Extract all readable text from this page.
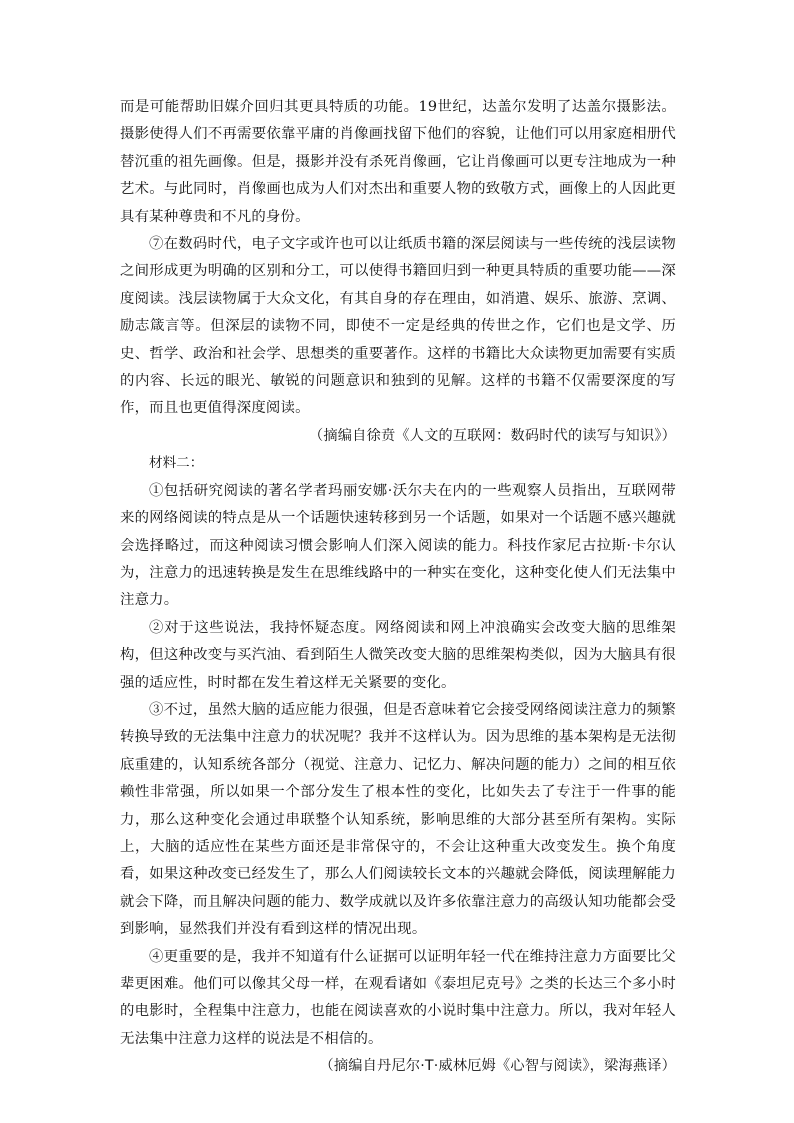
而是可能帮助旧媒介回归其更具特质的功能。19世纪，达盖尔发明了达盖尔摄影法。摄影使得人们不再需要依靠平庸的肖像画找留下他们的容貌，让他们可以用家庭相册代替沉重的祖先画像。但是，摄影并没有杀死肖像画，它让肖像画可以更专注地成为一种艺术。与此同时，肖像画也成为人们对杰出和重要人物的致敬方式，画像上的人因此更具有某种尊贵和不凡的身份。

⑦在数码时代，电子文字或许也可以让纸质书籍的深层阅读与一些传统的浅层读物之间形成更为明确的区别和分工，可以使得书籍回归到一种更具特质的重要功能——深度阅读。浅层读物属于大众文化，有其自身的存在理由，如消遣、娱乐、旅游、烹调、励志箴言等。但深层的读物不同，即使不一定是经典的传世之作，它们也是文学、历史、哲学、政治和社会学、思想类的重要著作。这样的书籍比大众读物更加需要有实质的内容、长远的眼光、敏锐的问题意识和独到的见解。这样的书籍不仅需要深度的写作，而且也更值得深度阅读。

（摘编自徐贲《人文的互联网：数码时代的读写与知识》）

材料二：

①包括研究阅读的著名学者玛丽安娜·沃尔夫在内的一些观察人员指出，互联网带来的网络阅读的特点是从一个话题快速转移到另一个话题，如果对一个话题不感兴趣就会选择略过，而这种阅读习惯会影响人们深入阅读的能力。科技作家尼古拉斯·卡尔认为，注意力的迅速转换是发生在思维线路中的一种实在变化，这种变化使人们无法集中注意力。

②对于这些说法，我持怀疑态度。网络阅读和网上冲浪确实会改变大脑的思维架构，但这种改变与买汽油、看到陌生人微笑改变大脑的思维架构类似，因为大脑具有很强的适应性，时时都在发生着这样无关紧要的变化。

③不过，虽然大脑的适应能力很强，但是否意味着它会接受网络阅读注意力的频繁转换导致的无法集中注意力的状况呢？我并不这样认为。因为思维的基本架构是无法彻底重建的，认知系统各部分（视觉、注意力、记忆力、解决问题的能力）之间的相互依赖性非常强，所以如果一个部分发生了根本性的变化，比如失去了专注于一件事的能力，那么这种变化会通过串联整个认知系统，影响思维的大部分甚至所有架构。实际上，大脑的适应性在某些方面还是非常保守的，不会让这种重大改变发生。换个角度看，如果这种改变已经发生了，那么人们阅读较长文本的兴趣就会降低，阅读理解能力就会下降，而且解决问题的能力、数学成就以及许多依靠注意力的高级认知功能都会受到影响，显然我们并没有看到这样的情况出现。

④更重要的是，我并不知道有什么证据可以证明年轻一代在维持注意力方面要比父辈更困难。他们可以像其父母一样，在观看诸如《泰坦尼克号》之类的长达三个多小时的电影时，全程集中注意力，也能在阅读喜欢的小说时集中注意力。所以，我对年轻人无法集中注意力这样的说法是不相信的。

（摘编自丹尼尔·T·威林厄姆《心智与阅读》，梁海燕译）
